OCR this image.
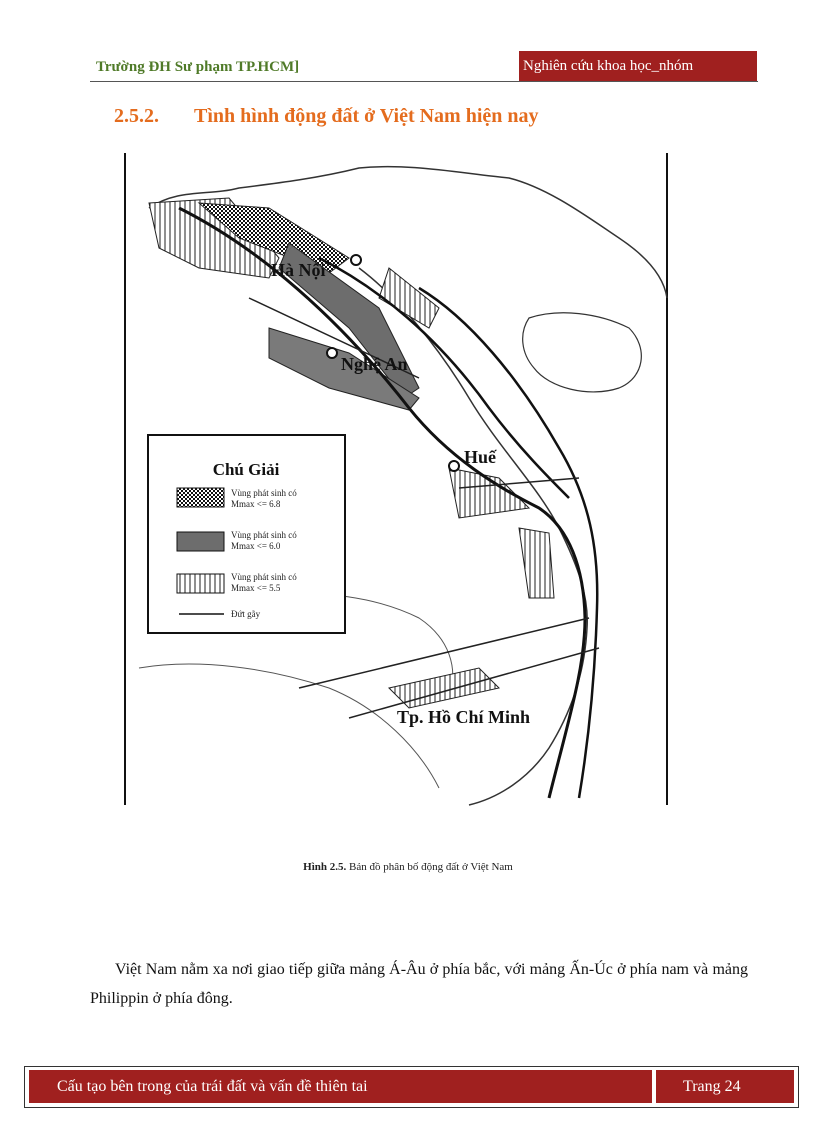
Trường ĐH Sư phạm TP.HCM]	Nghiên cứu khoa học_nhóm
2.5.2. Tình hình động đất ở Việt Nam hiện nay
Hà Nội
Nghệ An
Huế
Tp. Hồ Chí Minh
Chú Giải
Vùng phát sinh có
Mmax <= 6.8
Vùng phát sinh có
Mmax <= 6.0
Vùng phát sinh có
Mmax <= 5.5
Đứt gãy
Hình 2.5. Bản đồ phân bố động đất ở Việt Nam
Việt Nam nằm xa nơi giao tiếp giữa mảng Á-Âu ở phía bắc, với mảng Ấn-Úc ở phía nam và mảng Philippin ở phía đông.
Cấu tạo bên trong của trái đất và vấn đề thiên tai	Trang 24
